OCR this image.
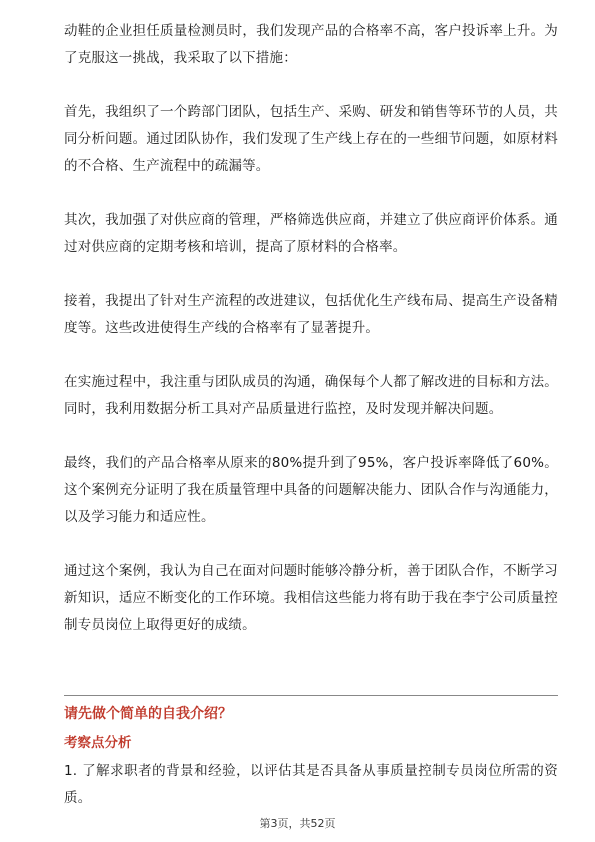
动鞋的企业担任质量检测员时，我们发现产品的合格率不高，客户投诉率上升。为了克服这一挑战，我采取了以下措施：

首先，我组织了一个跨部门团队，包括生产、采购、研发和销售等环节的人员，共同分析问题。通过团队协作，我们发现了生产线上存在的一些细节问题，如原材料的不合格、生产流程中的疏漏等。

其次，我加强了对供应商的管理，严格筛选供应商，并建立了供应商评价体系。通过对供应商的定期考核和培训，提高了原材料的合格率。

接着，我提出了针对生产流程的改进建议，包括优化生产线布局、提高生产设备精度等。这些改进使得生产线的合格率有了显著提升。

在实施过程中，我注重与团队成员的沟通，确保每个人都了解改进的目标和方法。同时，我利用数据分析工具对产品质量进行监控，及时发现并解决问题。

最终，我们的产品合格率从原来的80%提升到了95%，客户投诉率降低了60%。这个案例充分证明了我在质量管理中具备的问题解决能力、团队合作与沟通能力，以及学习能力和适应性。

通过这个案例，我认为自己在面对问题时能够冷静分析，善于团队合作，不断学习新知识，适应不断变化的工作环境。我相信这些能力将有助于我在李宁公司质量控制专员岗位上取得更好的成绩。

请先做个简单的自我介绍？
考察点分析

1. 了解求职者的背景和经验，以评估其是否具备从事质量控制专员岗位所需的资质。

第3页，共52页
